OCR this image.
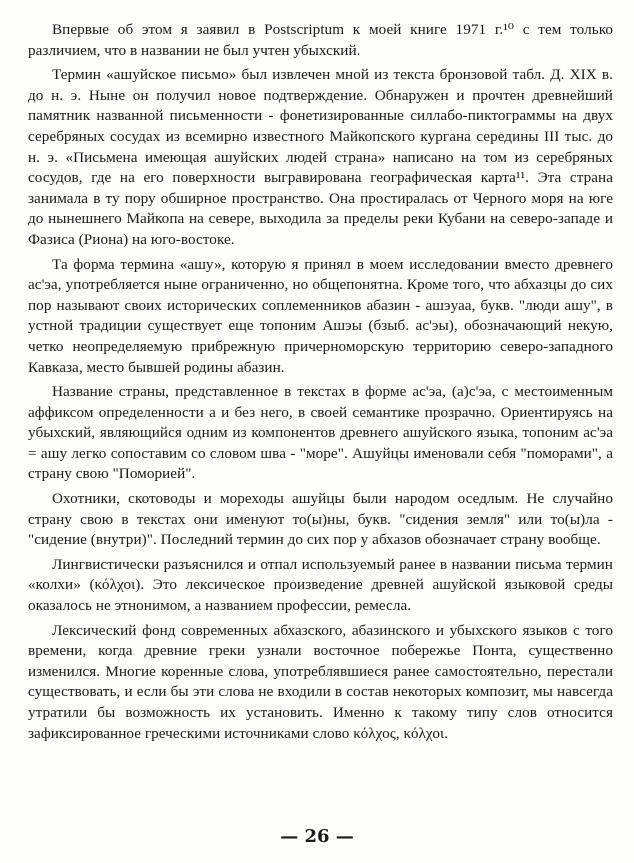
Впервые об этом я заявил в Postscriptum к моей книге 1971 г.¹⁰ с тем только различием, что в названии не был учтен убыхский.

Термин «ашуйское письмо» был извлечен мной из текста бронзовой табл. Д. XIX в. до н. э. Ныне он получил новое подтверждение. Обнаружен и прочтен древнейший памятник названной письменности - фонетизированные силлабо-пиктограммы на двух серебряных сосудах из всемирно известного Майкопского кургана середины III тыс. до н. э. «Письмена имеющая ашуйских людей страна» написано на том из серебряных сосудов, где на его поверхности выгравирована географическая карта¹¹. Эта страна занимала в ту пору обширное пространство. Она простиралась от Черного моря на юге до нынешнего Майкопа на севере, выходила за пределы реки Кубани на северо-западе и Фазиса (Риона) на юго-востоке.

Та форма термина «ашу», которую я принял в моем исследовании вместо древнего ас'эа, употребляется ныне ограниченно, но общепонятна. Кроме того, что абхазцы до сих пор называют своих исторических соплеменников абазин - ашэуаа, букв. "люди ашу", в устной традиции существует еще топоним Ашэы (бзыб. ас'эы), обозначающий некую, четко неопределяемую прибрежную причерноморскую территорию северо-западного Кавказа, место бывшей родины абазин.

Название страны, представленное в текстах в форме ас'эа, (а)с'эа, с местоименным аффиксом определенности а и без него, в своей семантике прозрачно. Ориентируясь на убыхский, являющийся одним из компонентов древнего ашуйского языка, топоним ас'эа = ашу легко сопоставим со словом шва - "море". Ашуйцы именовали себя "поморами", а страну свою "Поморией".

Охотники, скотоводы и мореходы ашуйцы были народом оседлым. Не случайно страну свою в текстах они именуют то(ы)ны, букв. "сидения земля" или то(ы)ла - "сидение (внутри)". Последний термин до сих пор у абхазов обозначает страну вообще.

Лингвистически разъяснился и отпал используемый ранее в названии письма термин «колхи» (κόλχοι). Это лексическое произведение древней ашуйской языковой среды оказалось не этнонимом, а названием профессии, ремесла.

Лексический фонд современных абхазского, абазинского и убыхского языков с того времени, когда древние греки узнали восточное побережье Понта, существенно изменился. Многие коренные слова, употреблявшиеся ранее самостоятельно, перестали существовать, и если бы эти слова не входили в состав некоторых композит, мы навсегда утратили бы возможность их установить. Именно к такому типу слов относится зафиксированное греческими источниками слово κόλχος, κόλχοι.

— 26 —
